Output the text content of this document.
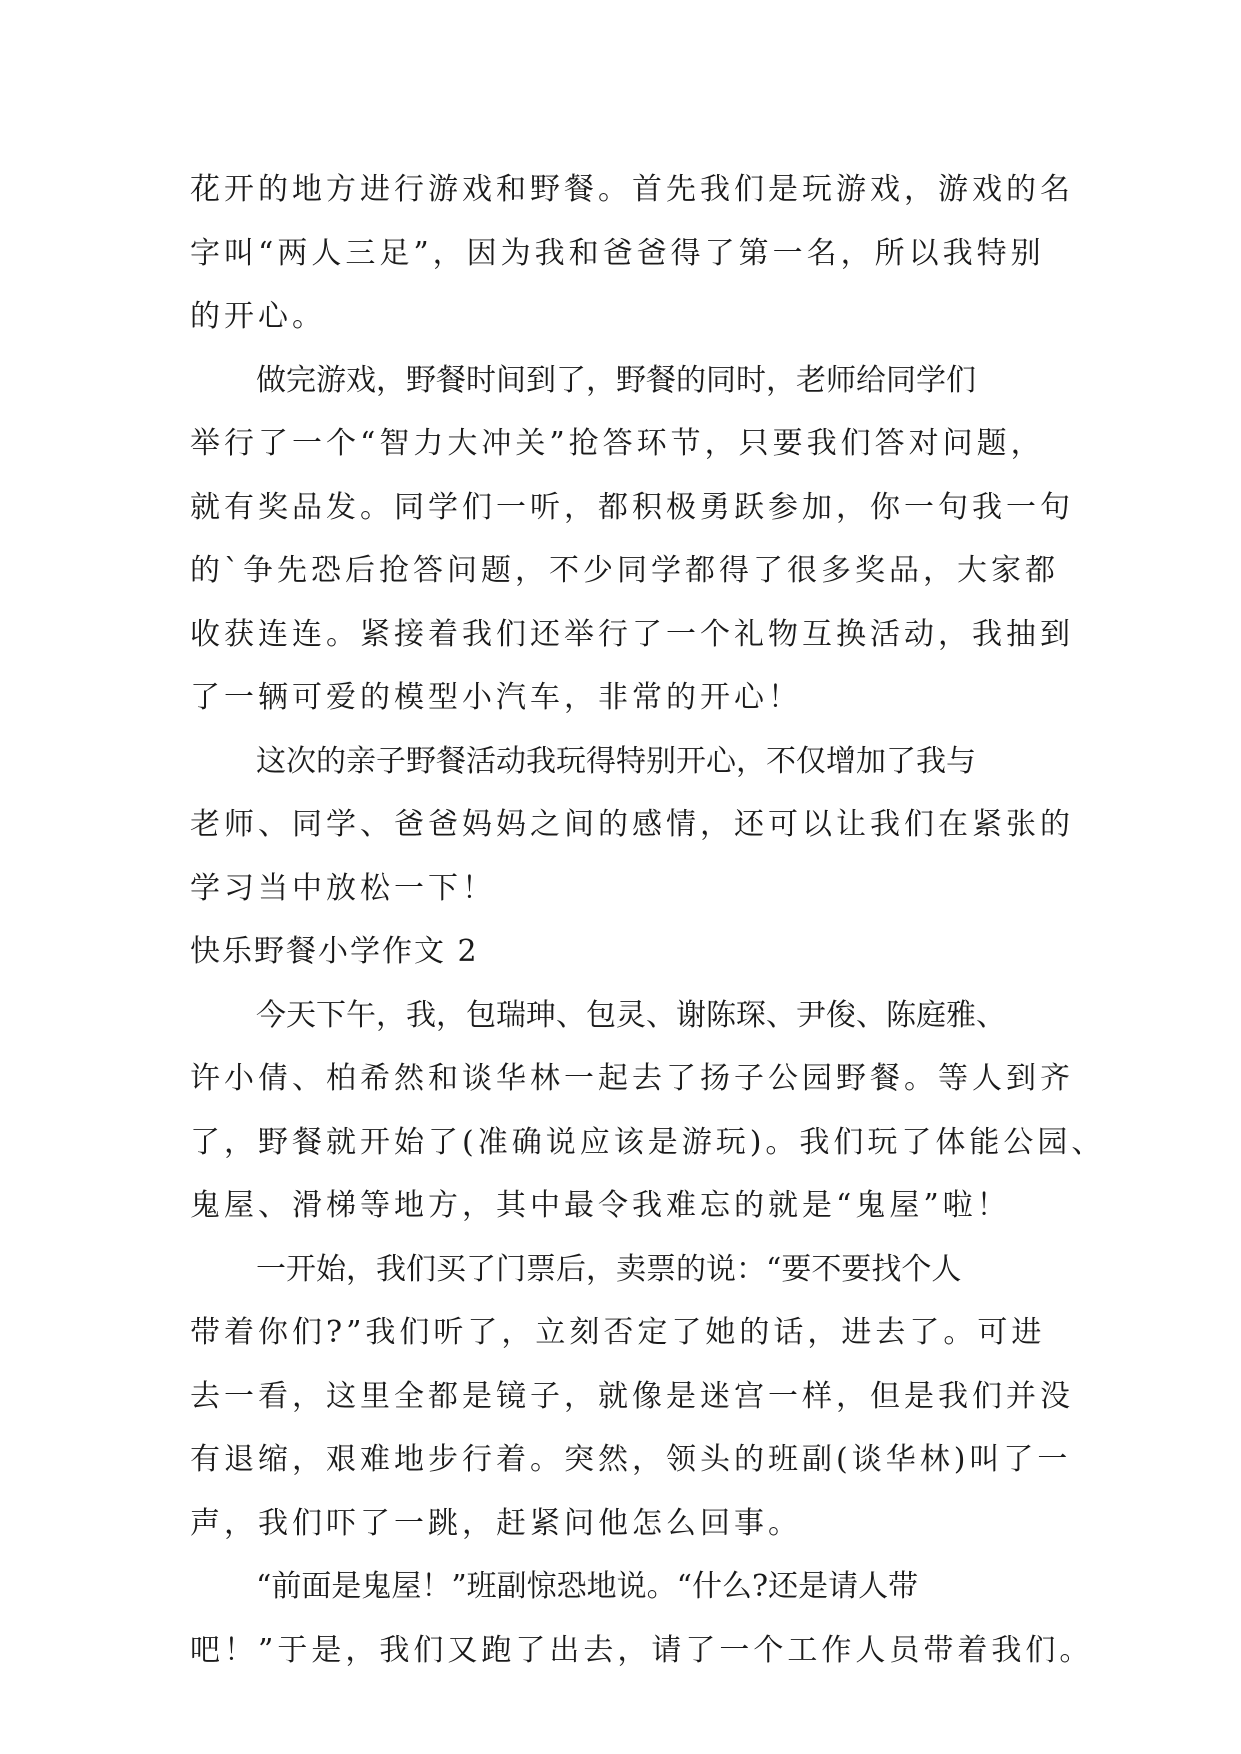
花开的地方进行游戏和野餐。首先我们是玩游戏，游戏的名
字叫“两人三足”，因为我和爸爸得了第一名，所以我特别
的开心。
做完游戏，野餐时间到了，野餐的同时，老师给同学们
举行了一个“智力大冲关”抢答环节，只要我们答对问题，
就有奖品发。同学们一听，都积极勇跃参加，你一句我一句
的`争先恐后抢答问题，不少同学都得了很多奖品，大家都
收获连连。紧接着我们还举行了一个礼物互换活动，我抽到
了一辆可爱的模型小汽车，非常的开心！
这次的亲子野餐活动我玩得特别开心，不仅增加了我与
老师、同学、爸爸妈妈之间的感情，还可以让我们在紧张的
学习当中放松一下！
快乐野餐小学作文 2
今天下午，我，包瑞珅、包灵、谢陈琛、尹俊、陈庭雅、
许小倩、柏希然和谈华林一起去了扬子公园野餐。等人到齐
了，野餐就开始了(准确说应该是游玩)。我们玩了体能公园、
鬼屋、滑梯等地方，其中最令我难忘的就是“鬼屋”啦！
一开始，我们买了门票后，卖票的说：“要不要找个人
带着你们?”我们听了，立刻否定了她的话，进去了。可进
去一看，这里全都是镜子，就像是迷宫一样，但是我们并没
有退缩，艰难地步行着。突然，领头的班副(谈华林)叫了一
声，我们吓了一跳，赶紧问他怎么回事。
“前面是鬼屋！”班副惊恐地说。“什么?还是请人带
吧！”于是，我们又跑了出去，请了一个工作人员带着我们。
